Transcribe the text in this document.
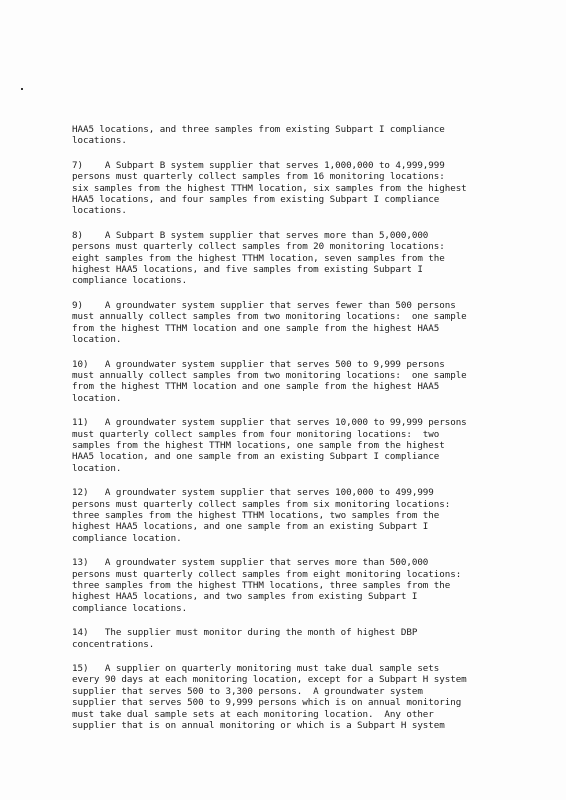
HAA5 locations, and three samples from existing Subpart I compliance
locations.
7)    A Subpart B system supplier that serves 1,000,000 to 4,999,999
persons must quarterly collect samples from 16 monitoring locations:
six samples from the highest TTHM location, six samples from the highest
HAA5 locations, and four samples from existing Subpart I compliance
locations.
8)    A Subpart B system supplier that serves more than 5,000,000
persons must quarterly collect samples from 20 monitoring locations:
eight samples from the highest TTHM location, seven samples from the
highest HAA5 locations, and five samples from existing Subpart I
compliance locations.
9)    A groundwater system supplier that serves fewer than 500 persons
must annually collect samples from two monitoring locations:  one sample
from the highest TTHM location and one sample from the highest HAA5
location.
10)   A groundwater system supplier that serves 500 to 9,999 persons
must annually collect samples from two monitoring locations:  one sample
from the highest TTHM location and one sample from the highest HAA5
location.
11)   A groundwater system supplier that serves 10,000 to 99,999 persons
must quarterly collect samples from four monitoring locations:  two
samples from the highest TTHM locations, one sample from the highest
HAA5 location, and one sample from an existing Subpart I compliance
location.
12)   A groundwater system supplier that serves 100,000 to 499,999
persons must quarterly collect samples from six monitoring locations:
three samples from the highest TTHM locations, two samples from the
highest HAA5 locations, and one sample from an existing Subpart I
compliance location.
13)   A groundwater system supplier that serves more than 500,000
persons must quarterly collect samples from eight monitoring locations:
three samples from the highest TTHM locations, three samples from the
highest HAA5 locations, and two samples from existing Subpart I
compliance locations.
14)   The supplier must monitor during the month of highest DBP
concentrations.
15)   A supplier on quarterly monitoring must take dual sample sets
every 90 days at each monitoring location, except for a Subpart H system
supplier that serves 500 to 3,300 persons.  A groundwater system
supplier that serves 500 to 9,999 persons which is on annual monitoring
must take dual sample sets at each monitoring location.  Any other
supplier that is on annual monitoring or which is a Subpart H system
